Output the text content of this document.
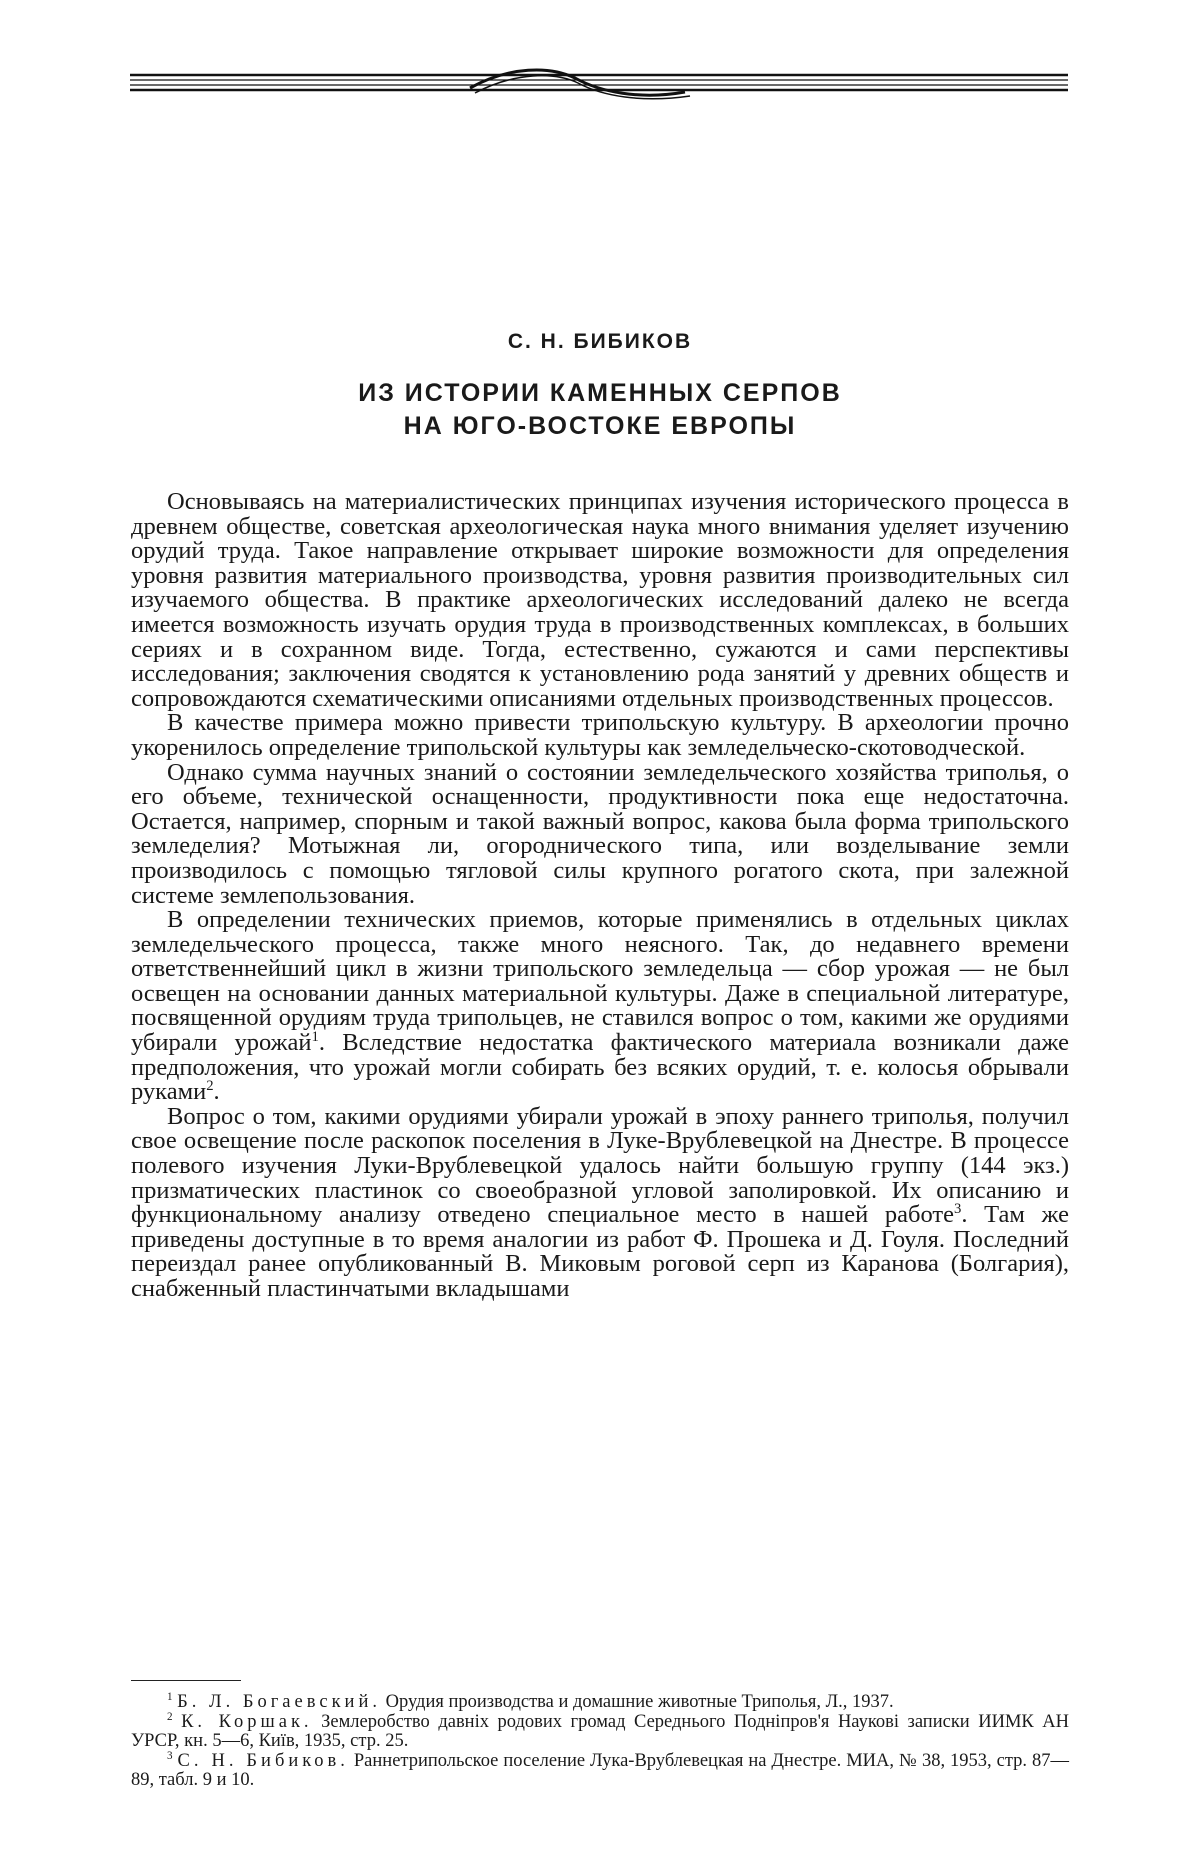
С. Н. БИБИКОВ
ИЗ ИСТОРИИ КАМЕННЫХ СЕРПОВ
НА ЮГО-ВОСТОКЕ ЕВРОПЫ

Основываясь на материалистических принципах изучения исторического процесса в древнем обществе, советская археологическая наука много внимания уделяет изучению орудий труда. Такое направление открывает широкие возможности для определения уровня развития материального производства, уровня развития производительных сил изучаемого общества. В практике археологических исследований далеко не всегда имеется возможность изучать орудия труда в производственных комплексах, в больших сериях и в сохранном виде. Тогда, естественно, сужаются и сами перспективы исследования; заключения сводятся к установлению рода занятий у древних обществ и сопровождаются схематическими описаниями отдельных производственных процессов.

В качестве примера можно привести трипольскую культуру. В археологии прочно укоренилось определение трипольской культуры как земледельческо-скотоводческой.

Однако сумма научных знаний о состоянии земледельческого хозяйства триполья, о его объеме, технической оснащенности, продуктивности пока еще недостаточна. Остается, например, спорным и такой важный вопрос, какова была форма трипольского земледелия? Мотыжная ли, огороднического типа, или возделывание земли производилось с помощью тягловой силы крупного рогатого скота, при залежной системе землепользования.

В определении технических приемов, которые применялись в отдельных циклах земледельческого процесса, также много неясного. Так, до недавнего времени ответственнейший цикл в жизни трипольского земледельца — сбор урожая — не был освещен на основании данных материальной культуры. Даже в специальной литературе, посвященной орудиям труда трипольцев, не ставился вопрос о том, какими же орудиями убирали урожай$^1$. Вследствие недостатка фактического материала возникали даже предположения, что урожай могли собирать без всяких орудий, т. е. колосья обрывали руками$^2$.

Вопрос о том, какими орудиями убирали урожай в эпоху раннего триполья, получил свое освещение после раскопок поселения в Луке-Врублевецкой на Днестре. В процессе полевого изучения Луки-Врублевецкой удалось найти большую группу (144 экз.) призматических пластинок со своеобразной угловой заполировкой. Их описанию и функциональному анализу отведено специальное место в нашей работе$^3$. Там же приведены доступные в то время аналогии из работ Ф. Прошека и Д. Гоуля. Последний переиздал ранее опубликованный В. Миковым роговой серп из Каранова (Болгария), снабженный пластинчатыми вкладышами

$^1$ Б. Л. Богаевский. Орудия производства и домашние животные Триполья, Л., 1937.

$^2$ К. Коршак. Землеробство давнiх родових громад Середнього Поднiпров'я Науковi записки ИИМК АН УРСР, кн. 5—6, Київ, 1935, стр. 25.

$^3$ С. Н. Бибиков. Раннетрипольское поселение Лука-Врублевецкая на Днестре. МИА, № 38, 1953, стр. 87—89, табл. 9 и 10.
